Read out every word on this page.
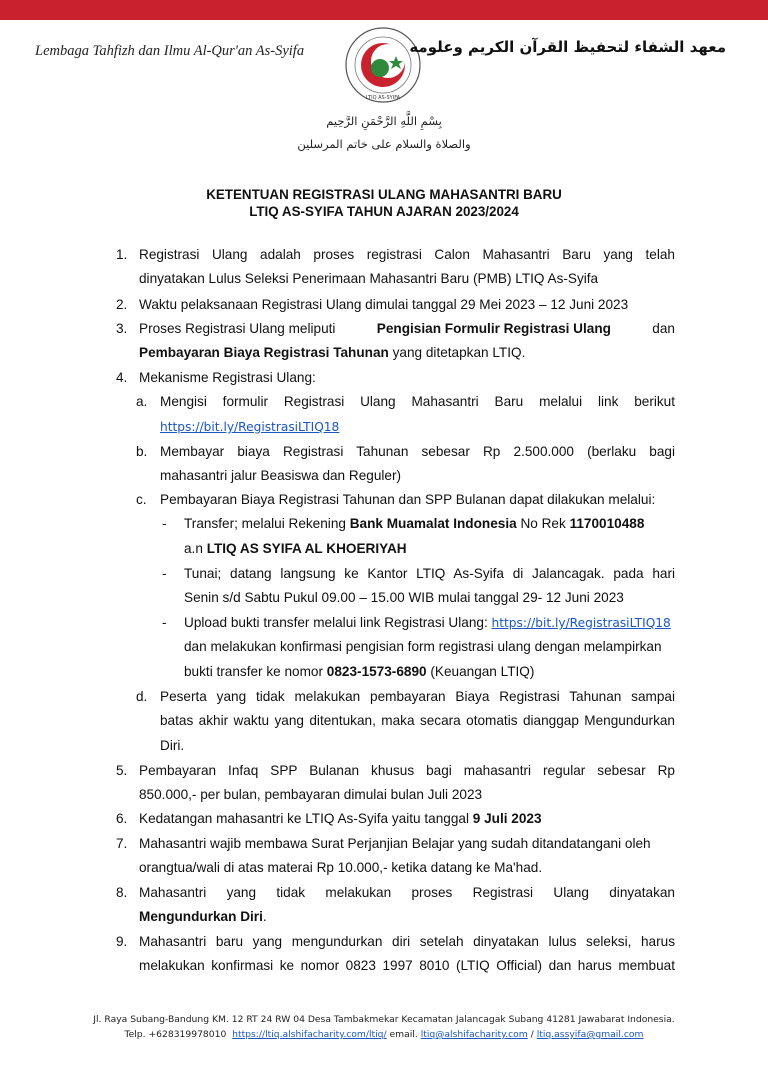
Lembaga Tahfizh dan Ilmu Al-Qur'an As-Syifa
LTIQ AS-SYIFA
معهد الشفاء لتحفيظ القرآن الكريم وعلومه
بِسْمِ اللَّهِ الرَّحْمَنِ الرَّحِيم
والصلاة والسلام على خاتم المرسلين
KETENTUAN REGISTRASI ULANG MAHASANTRI BARU
LTIQ AS-SYIFA TAHUN AJARAN 2023/2024
1. Registrasi Ulang adalah proses registrasi Calon Mahasantri Baru yang telah
dinyatakan Lulus Seleksi Penerimaan Mahasantri Baru (PMB) LTIQ As-Syifa
2. Waktu pelaksanaan Registrasi Ulang dimulai tanggal 29 Mei 2023 – 12 Juni 2023
3. Proses Registrasi Ulang meliputi	Pengisian Formulir Registrasi Ulang	dan
Pembayaran Biaya Registrasi Tahunan yang ditetapkan LTIQ.
4. Mekanisme Registrasi Ulang:
a. Mengisi formulir Registrasi Ulang Mahasantri Baru melalui link berikut
https://bit.ly/RegistrasiLTIQ18
b. Membayar biaya Registrasi Tahunan sebesar Rp 2.500.000 (berlaku bagi
mahasantri jalur Beasiswa dan Reguler)
c. Pembayaran Biaya Registrasi Tahunan dan SPP Bulanan dapat dilakukan melalui:
- Transfer; melalui Rekening Bank Muamalat Indonesia No Rek 1170010488
a.n LTIQ AS SYIFA AL KHOERIYAH
- Tunai; datang langsung ke Kantor LTIQ As-Syifa di Jalancagak. pada hari
Senin s/d Sabtu Pukul 09.00 – 15.00 WIB mulai tanggal 29- 12 Juni 2023
- Upload bukti transfer melalui link Registrasi Ulang: https://bit.ly/RegistrasiLTIQ18
dan melakukan konfirmasi pengisian form registrasi ulang dengan melampirkan
bukti transfer ke nomor 0823-1573-6890 (Keuangan LTIQ)
d. Peserta yang tidak melakukan pembayaran Biaya Registrasi Tahunan sampai
batas akhir waktu yang ditentukan, maka secara otomatis dianggap Mengundurkan
Diri.
5. Pembayaran Infaq SPP Bulanan khusus bagi mahasantri regular sebesar Rp
850.000,- per bulan, pembayaran dimulai bulan Juli 2023
6. Kedatangan mahasantri ke LTIQ As-Syifa yaitu tanggal 9 Juli 2023
7. Mahasantri wajib membawa Surat Perjanjian Belajar yang sudah ditandatangani oleh
orangtua/wali di atas materai Rp 10.000,- ketika datang ke Ma'had.
8. Mahasantri yang tidak melakukan proses Registrasi Ulang dinyatakan
Mengundurkan Diri.
9. Mahasantri baru yang mengundurkan diri setelah dinyatakan lulus seleksi, harus
melakukan konfirmasi ke nomor 0823 1997 8010 (LTIQ Official) dan harus membuat
Jl. Raya Subang-Bandung KM. 12 RT 24 RW 04 Desa Tambakmekar Kecamatan Jalancagak Subang 41281 Jawabarat Indonesia.
Telp. +628319978010 https://ltiq.alshifacharity.com/ltiq/ email. ltiq@alshifacharity.com / ltiq.assyifa@gmail.com
